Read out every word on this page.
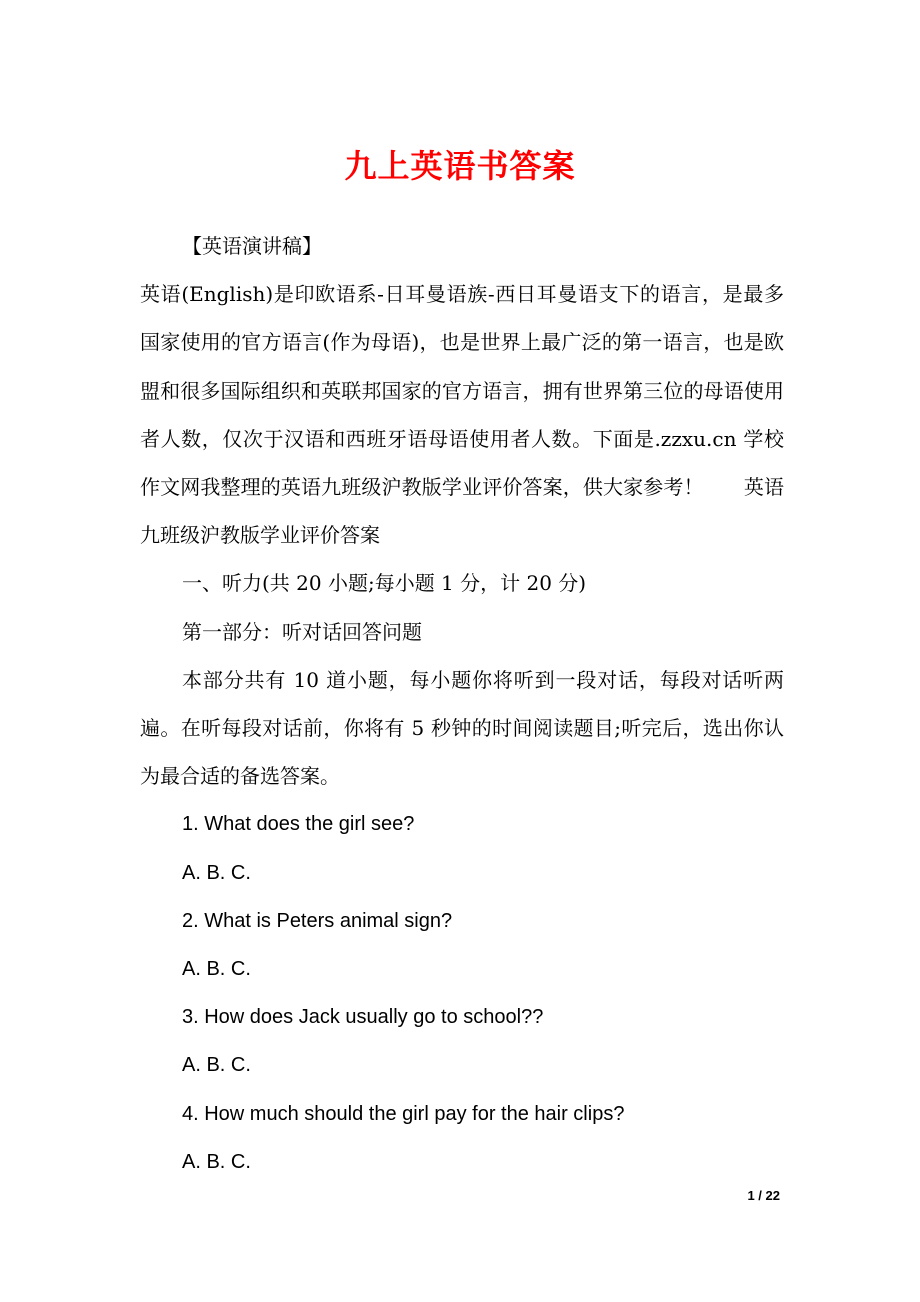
九上英语书答案

【英语演讲稿】

英语(English)是印欧语系-日耳曼语族-西日耳曼语支下的语言，是最多国家使用的官方语言(作为母语)，也是世界上最广泛的第一语言，也是欧盟和很多国际组织和英联邦国家的官方语言，拥有世界第三位的母语使用者人数，仅次于汉语和西班牙语母语使用者人数。下面是.zzxu.cn 学校作文网我整理的英语九班级沪教版学业评价答案，供大家参考！　　英语九班级沪教版学业评价答案

一、听力(共 20 小题;每小题 1 分，计 20 分)

第一部分：听对话回答问题

本部分共有 10 道小题，每小题你将听到一段对话，每段对话听两遍。在听每段对话前，你将有 5 秒钟的时间阅读题目;听完后，选出你认为最合适的备选答案。

1. What does the girl see?

A. B. C.

2. What is Peters animal sign?

A. B. C.

3. How does Jack usually go to school??

A. B. C.

4. How much should the girl pay for the hair clips?

A. B. C.

1 / 22
